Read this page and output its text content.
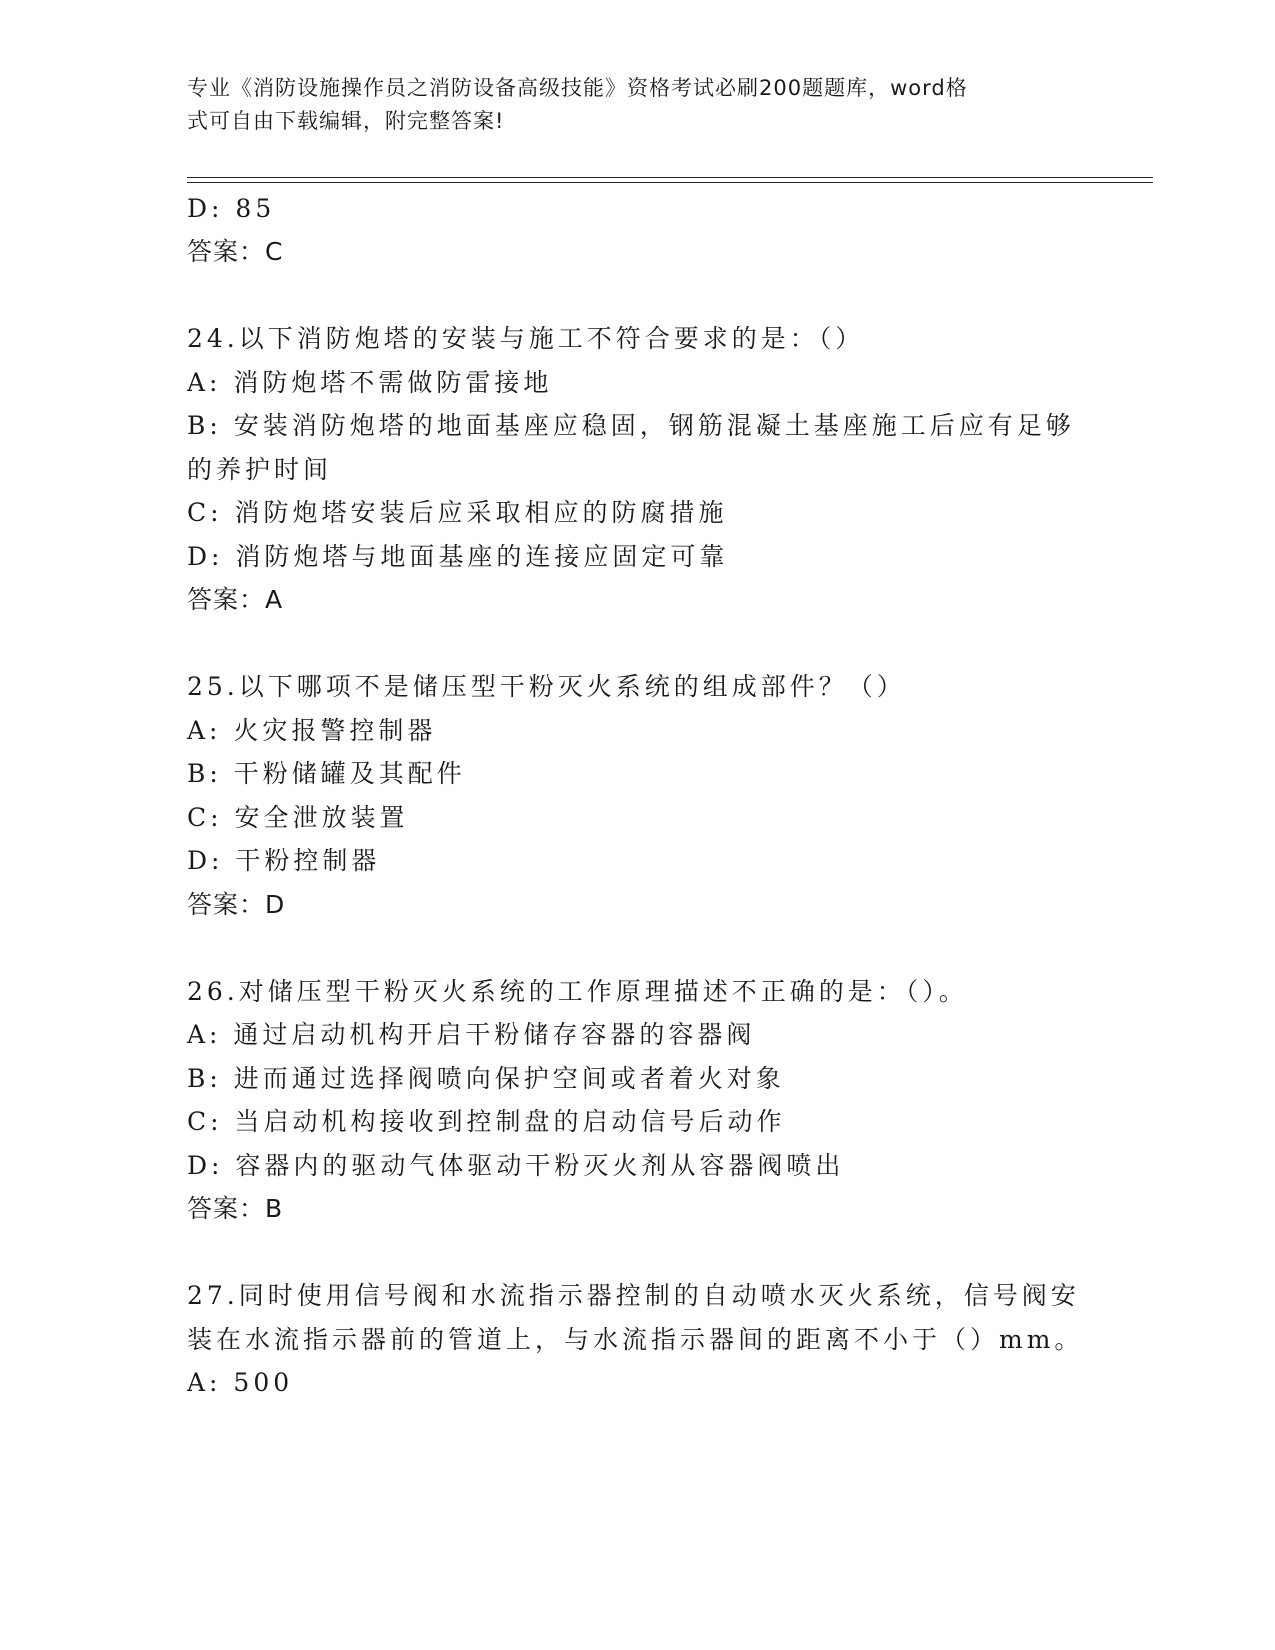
专业《消防设施操作员之消防设备高级技能》资格考试必刷200题题库，word格
式可自由下载编辑，附完整答案!
D: 85
答案：C
24.以下消防炮塔的安装与施工不符合要求的是：（）
A: 消防炮塔不需做防雷接地
B: 安装消防炮塔的地面基座应稳固，钢筋混凝土基座施工后应有足够
的养护时间
C: 消防炮塔安装后应采取相应的防腐措施
D: 消防炮塔与地面基座的连接应固定可靠
答案：A
25.以下哪项不是储压型干粉灭火系统的组成部件？（）
A: 火灾报警控制器
B: 干粉储罐及其配件
C: 安全泄放装置
D: 干粉控制器
答案：D
26.对储压型干粉灭火系统的工作原理描述不正确的是：（）。
A: 通过启动机构开启干粉储存容器的容器阀
B: 进而通过选择阀喷向保护空间或者着火对象
C: 当启动机构接收到控制盘的启动信号后动作
D: 容器内的驱动气体驱动干粉灭火剂从容器阀喷出
答案：B
27.同时使用信号阀和水流指示器控制的自动喷水灭火系统，信号阀安
装在水流指示器前的管道上，与水流指示器间的距离不小于（）mm。
A: 500
